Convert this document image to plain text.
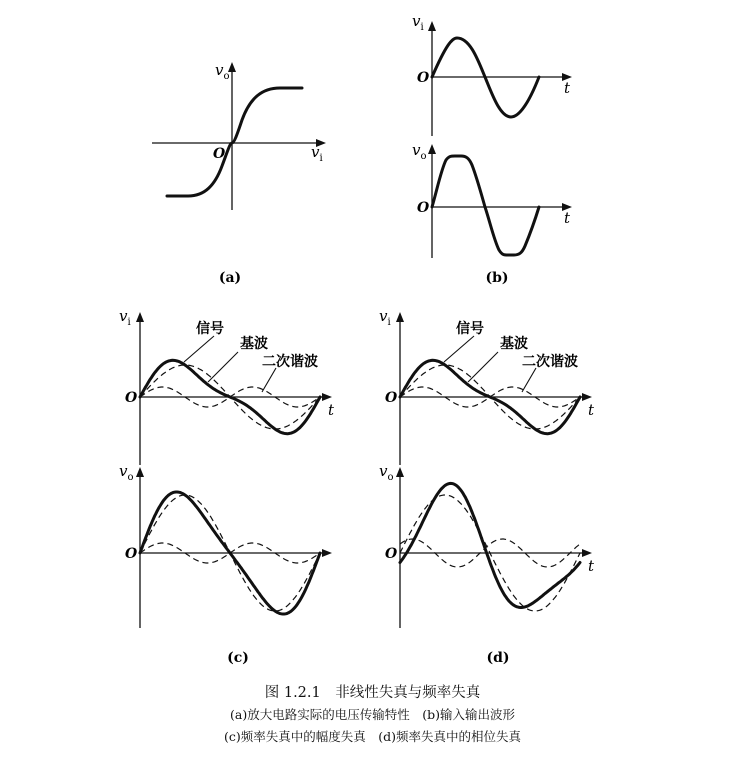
$v_o$
$v_i$
O
(a)
$v_i$
O
t
$v_o$
O
t
(b)
信号
基波
二次谐波
$v_i$
O
t
$v_o$
O
(c)
信号
基波
二次谐波
$v_i$
O
t
$v_o$
O
t
(d)
图 1.2.1　非线性失真与频率失真
(a)放大电路实际的电压传输特性　(b)输入输出波形
(c)频率失真中的幅度失真　(d)频率失真中的相位失真
